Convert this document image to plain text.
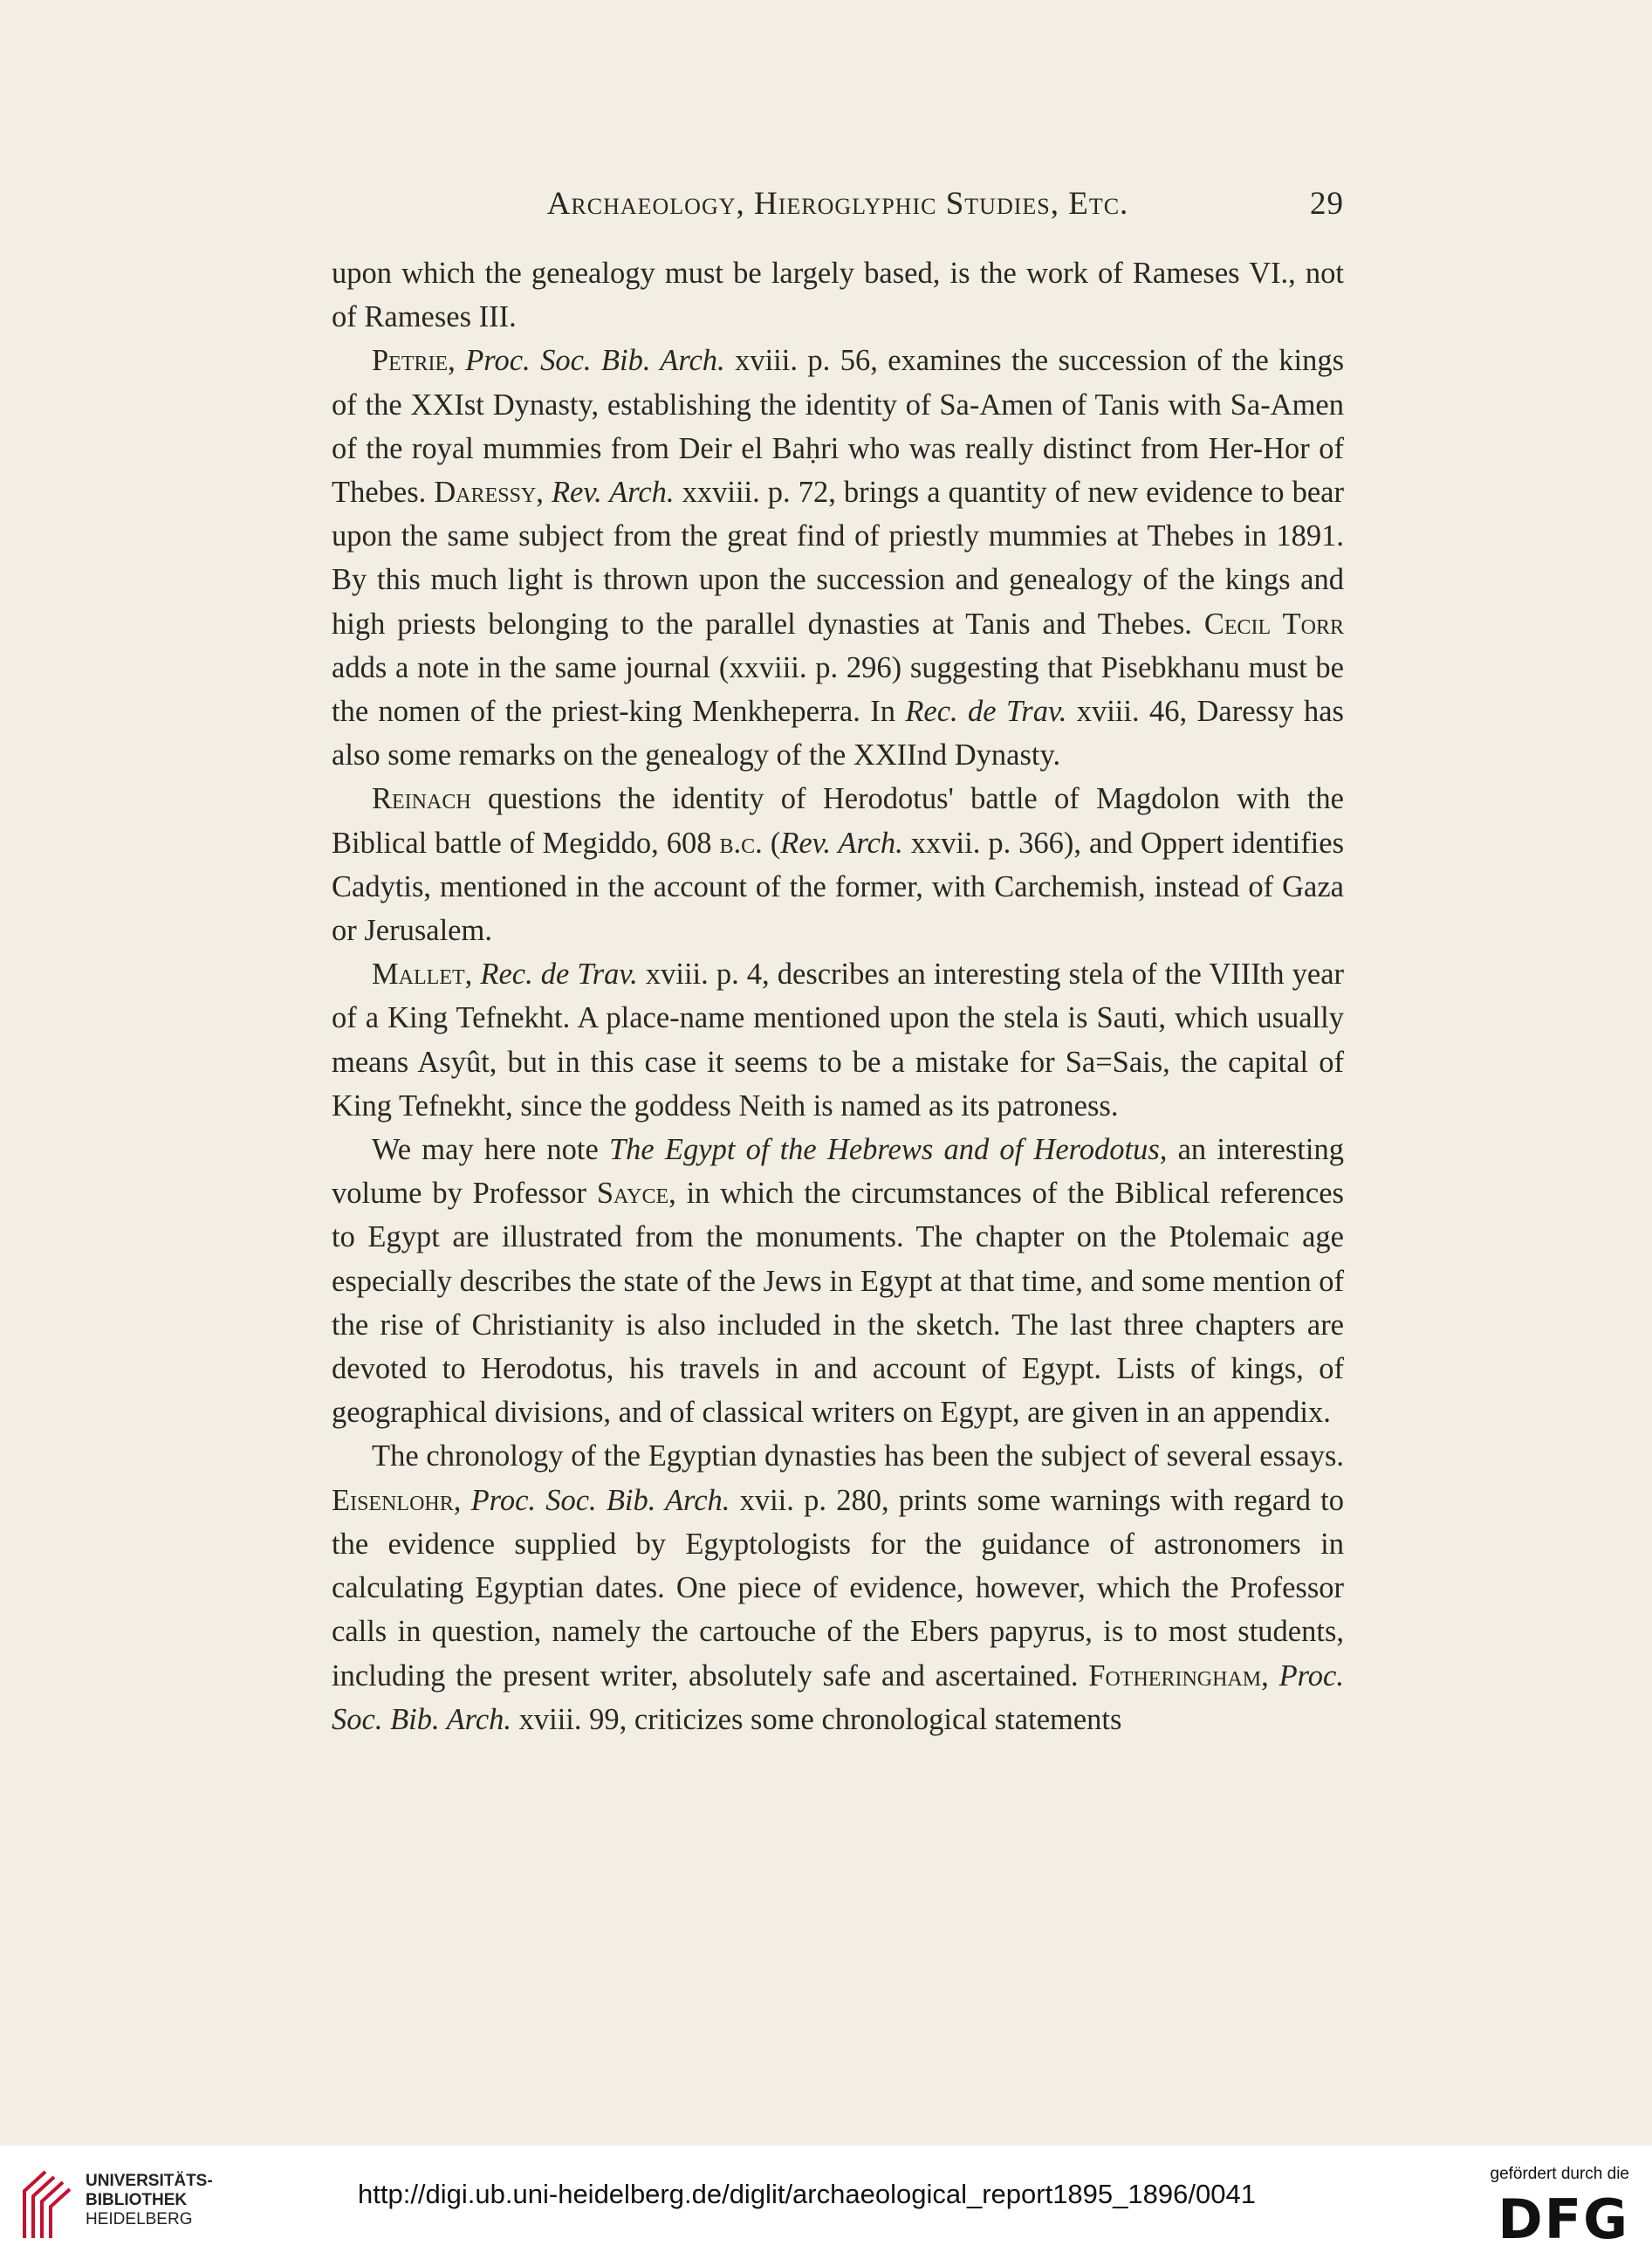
Archaeology, Hieroglyphic Studies, Etc.	29

upon which the genealogy must be largely based, is the work of Rameses VI., not of Rameses III.

Petrie, Proc. Soc. Bib. Arch. xviii. p. 56, examines the succession of the kings of the XXIst Dynasty, establishing the identity of Sa-Amen of Tanis with Sa-Amen of the royal mummies from Deir el Baḥri who was really distinct from Her-Hor of Thebes. Daressy, Rev. Arch. xxviii. p. 72, brings a quantity of new evidence to bear upon the same subject from the great find of priestly mummies at Thebes in 1891. By this much light is thrown upon the succession and genealogy of the kings and high priests belonging to the parallel dynasties at Tanis and Thebes. Cecil Torr adds a note in the same journal (xxviii. p. 296) suggesting that Pisebkhanu must be the nomen of the priest-king Menkheperra. In Rec. de Trav. xviii. 46, Daressy has also some remarks on the genealogy of the XXIInd Dynasty.

Reinach questions the identity of Herodotus' battle of Magdolon with the Biblical battle of Megiddo, 608 b.c. (Rev. Arch. xxvii. p. 366), and Oppert identifies Cadytis, mentioned in the account of the former, with Carchemish, instead of Gaza or Jerusalem.

Mallet, Rec. de Trav. xviii. p. 4, describes an interesting stela of the VIIIth year of a King Tefnekht. A place-name mentioned upon the stela is Sauti, which usually means Asyût, but in this case it seems to be a mistake for Sa=Sais, the capital of King Tefnekht, since the goddess Neith is named as its patroness.

We may here note The Egypt of the Hebrews and of Herodotus, an interesting volume by Professor Sayce, in which the circumstances of the Biblical references to Egypt are illustrated from the monuments. The chapter on the Ptolemaic age especially describes the state of the Jews in Egypt at that time, and some mention of the rise of Christianity is also included in the sketch. The last three chapters are devoted to Herodotus, his travels in and account of Egypt. Lists of kings, of geographical divisions, and of classical writers on Egypt, are given in an appendix.

The chronology of the Egyptian dynasties has been the subject of several essays. Eisenlohr, Proc. Soc. Bib. Arch. xvii. p. 280, prints some warnings with regard to the evidence supplied by Egyptologists for the guidance of astronomers in calculating Egyptian dates. One piece of evidence, however, which the Professor calls in question, namely the cartouche of the Ebers papyrus, is to most students, including the present writer, absolutely safe and ascertained. Fotheringham, Proc. Soc. Bib. Arch. xviii. 99, criticizes some chronological statements

UNIVERSITÄTS-
BIBLIOTHEK
HEIDELBERG
http://digi.ub.uni-heidelberg.de/diglit/archaeological_report1895_1896/0041
gefördert durch die
DFG
